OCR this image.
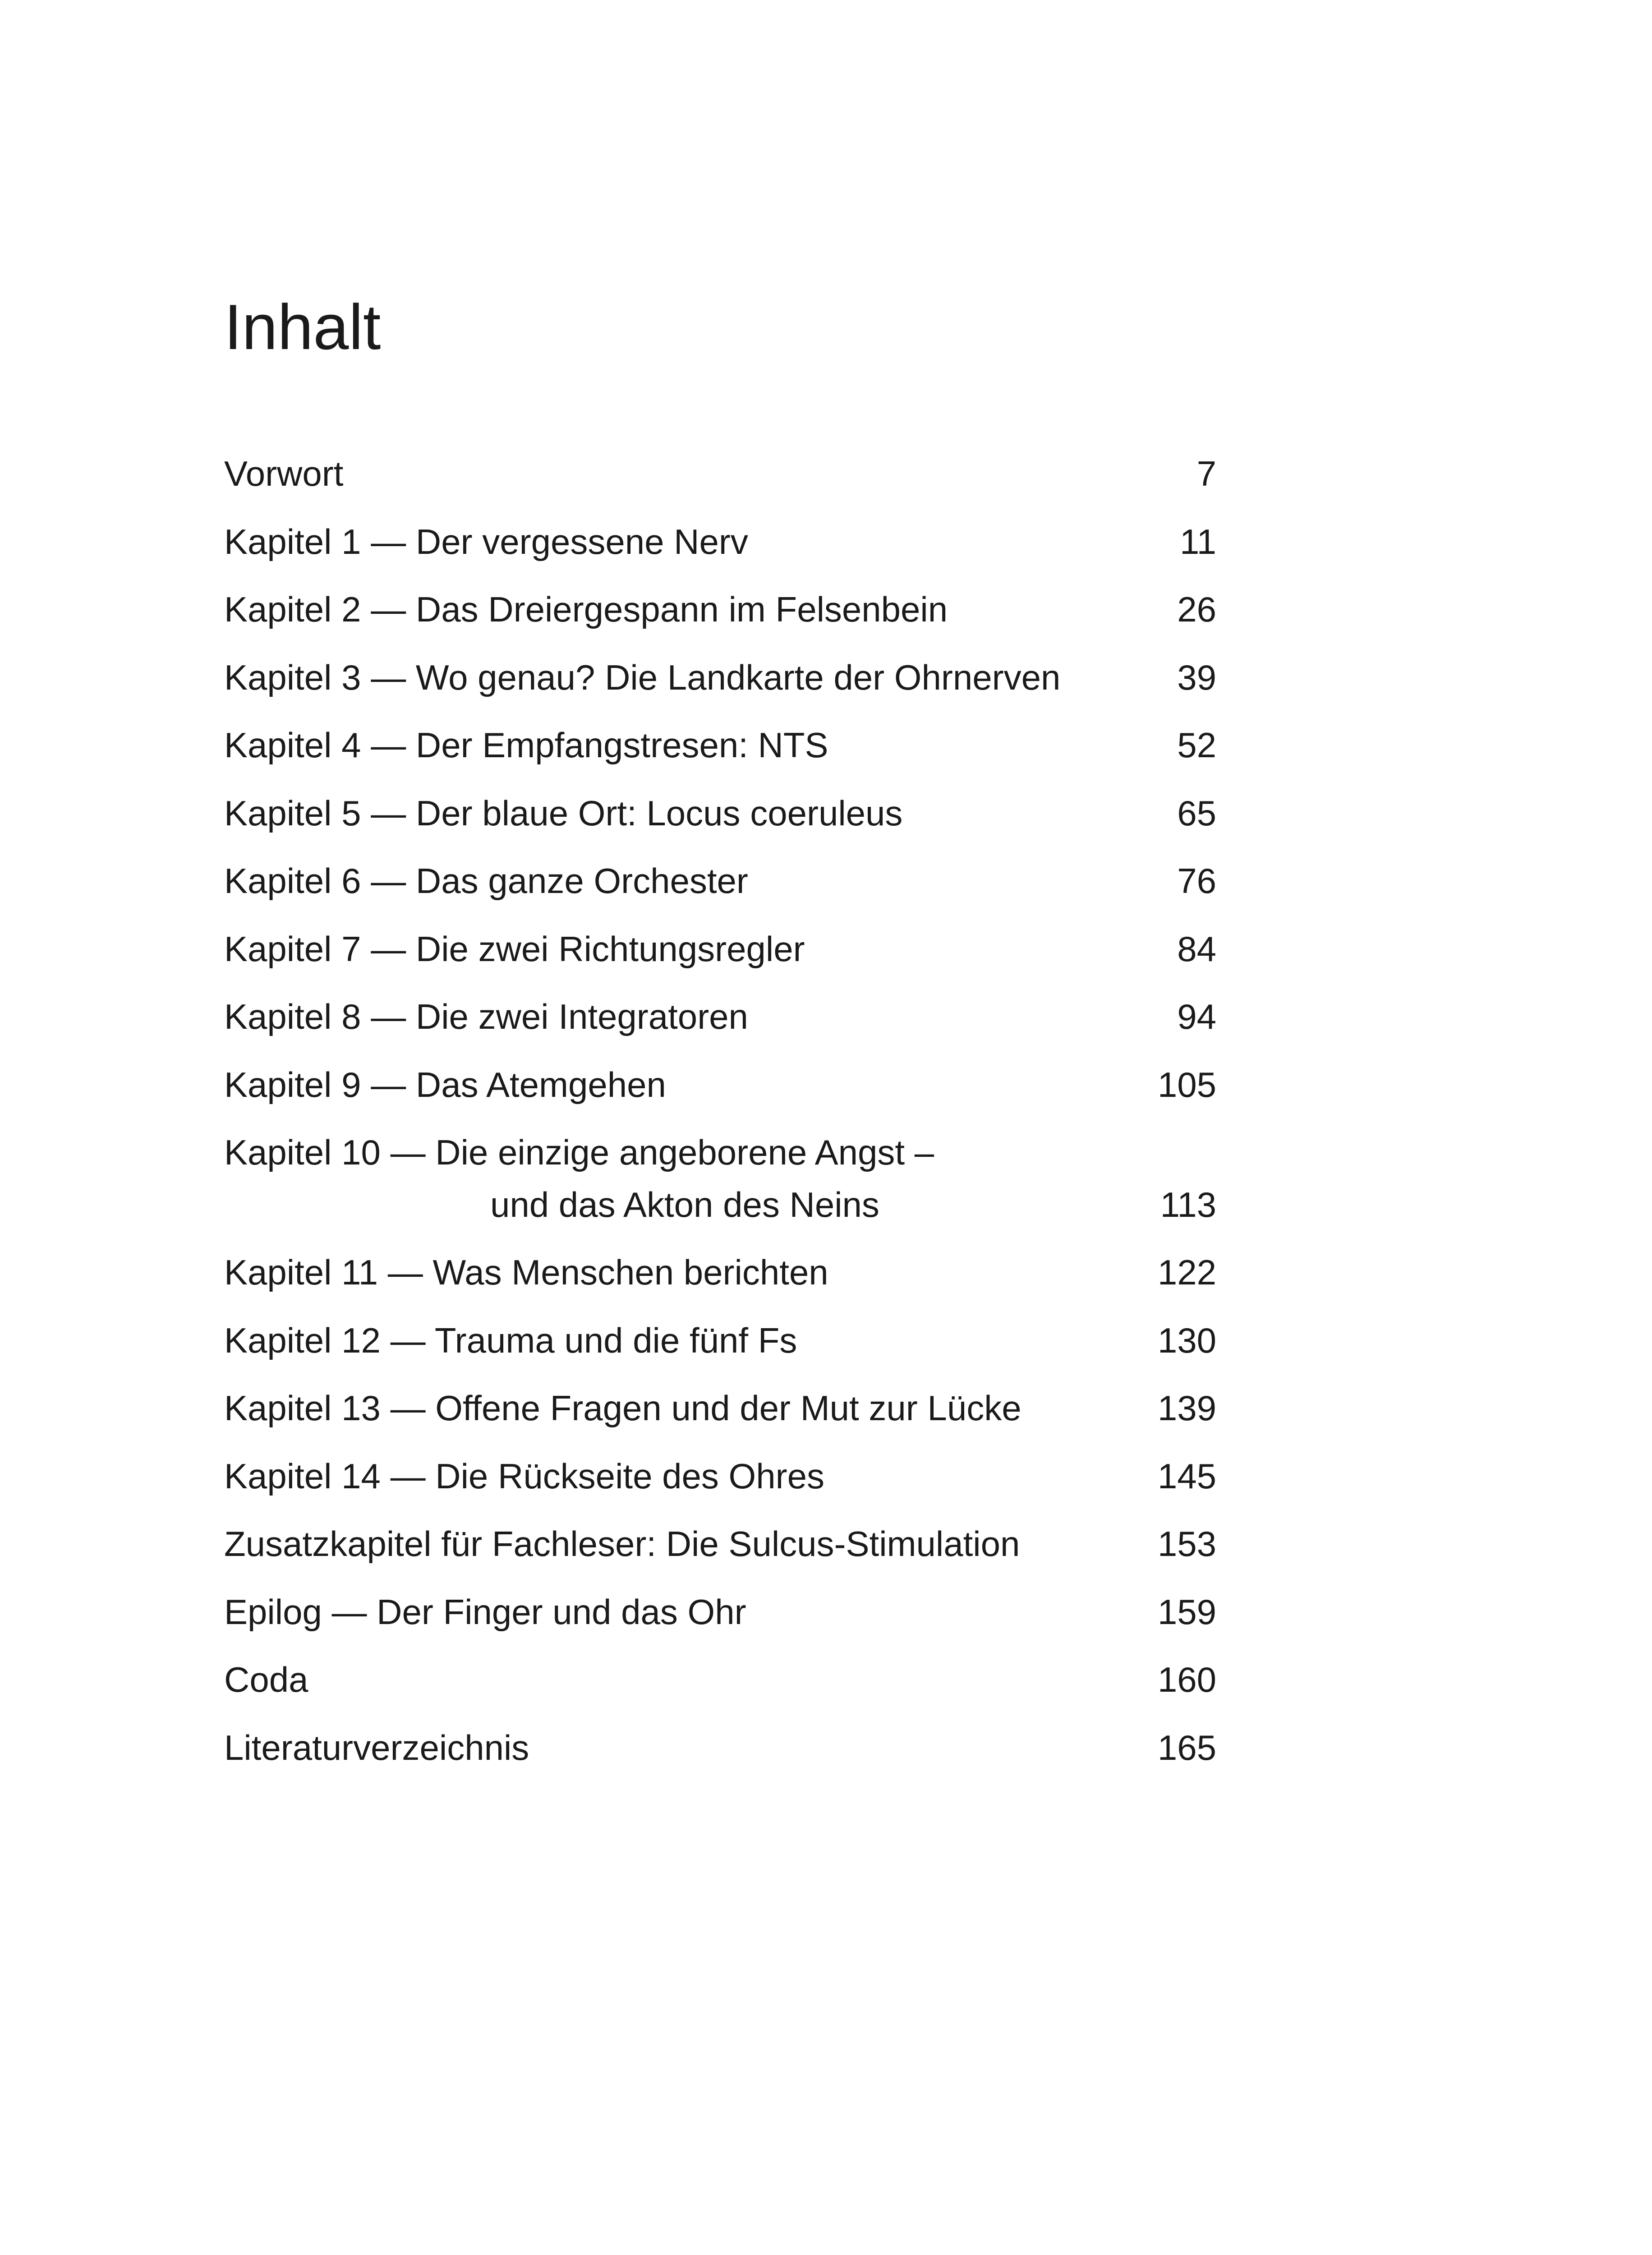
Inhalt
Vorwort	7
Kapitel 1 — Der vergessene Nerv	11
Kapitel 2 — Das Dreiergespann im Felsenbein	26
Kapitel 3 — Wo genau? Die Landkarte der Ohrnerven	39
Kapitel 4 — Der Empfangstresen: NTS	52
Kapitel 5 — Der blaue Ort: Locus coeruleus	65
Kapitel 6 — Das ganze Orchester	76
Kapitel 7 — Die zwei Richtungsregler	84
Kapitel 8 — Die zwei Integratoren	94
Kapitel 9 — Das Atemgehen	105
Kapitel 10 — Die einzige angeborene Angst –
und das Akton des Neins	113
Kapitel 11 — Was Menschen berichten	122
Kapitel 12 — Trauma und die fünf Fs	130
Kapitel 13 — Offene Fragen und der Mut zur Lücke	139
Kapitel 14 — Die Rückseite des Ohres	145
Zusatzkapitel für Fachleser: Die Sulcus-Stimulation	153
Epilog — Der Finger und das Ohr	159
Coda	160
Literaturverzeichnis	165
